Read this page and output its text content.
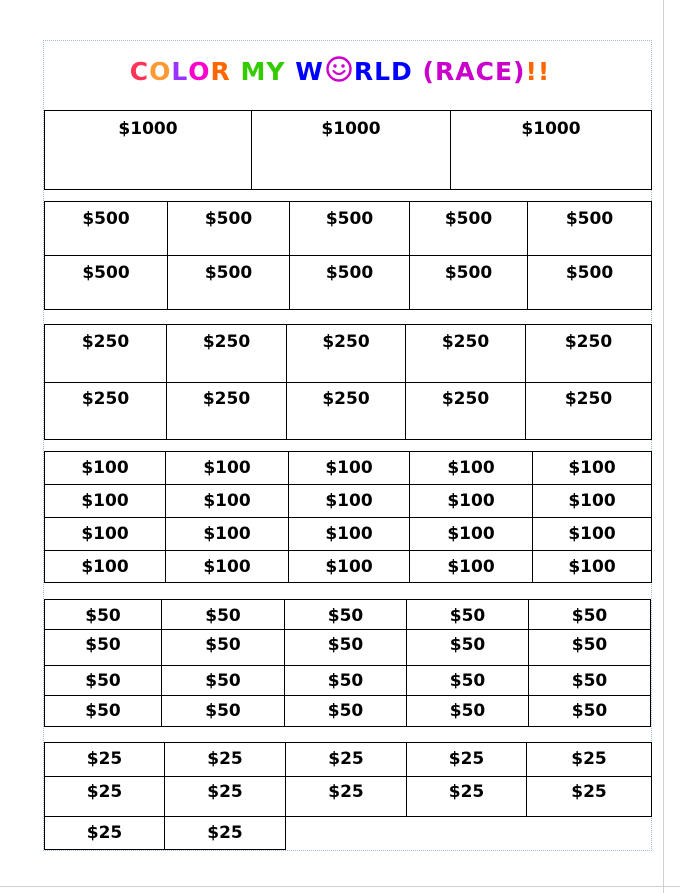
COLOR MY W RLD (RACE)!!
$1000	$1000	$1000
$500	$500	$500	$500	$500

$500	$500	$500	$500	$500
$250	$250	$250	$250	$250

$250	$250	$250	$250	$250
$100	$100	$100	$100	$100

$100	$100	$100	$100	$100

$100	$100	$100	$100	$100

$100	$100	$100	$100	$100
$50	$50	$50	$50	$50

$50	$50	$50	$50	$50

$50	$50	$50	$50	$50

$50	$50	$50	$50	$50
$25	$25	$25	$25	$25

$25	$25	$25	$25	$25

$25	$25			
